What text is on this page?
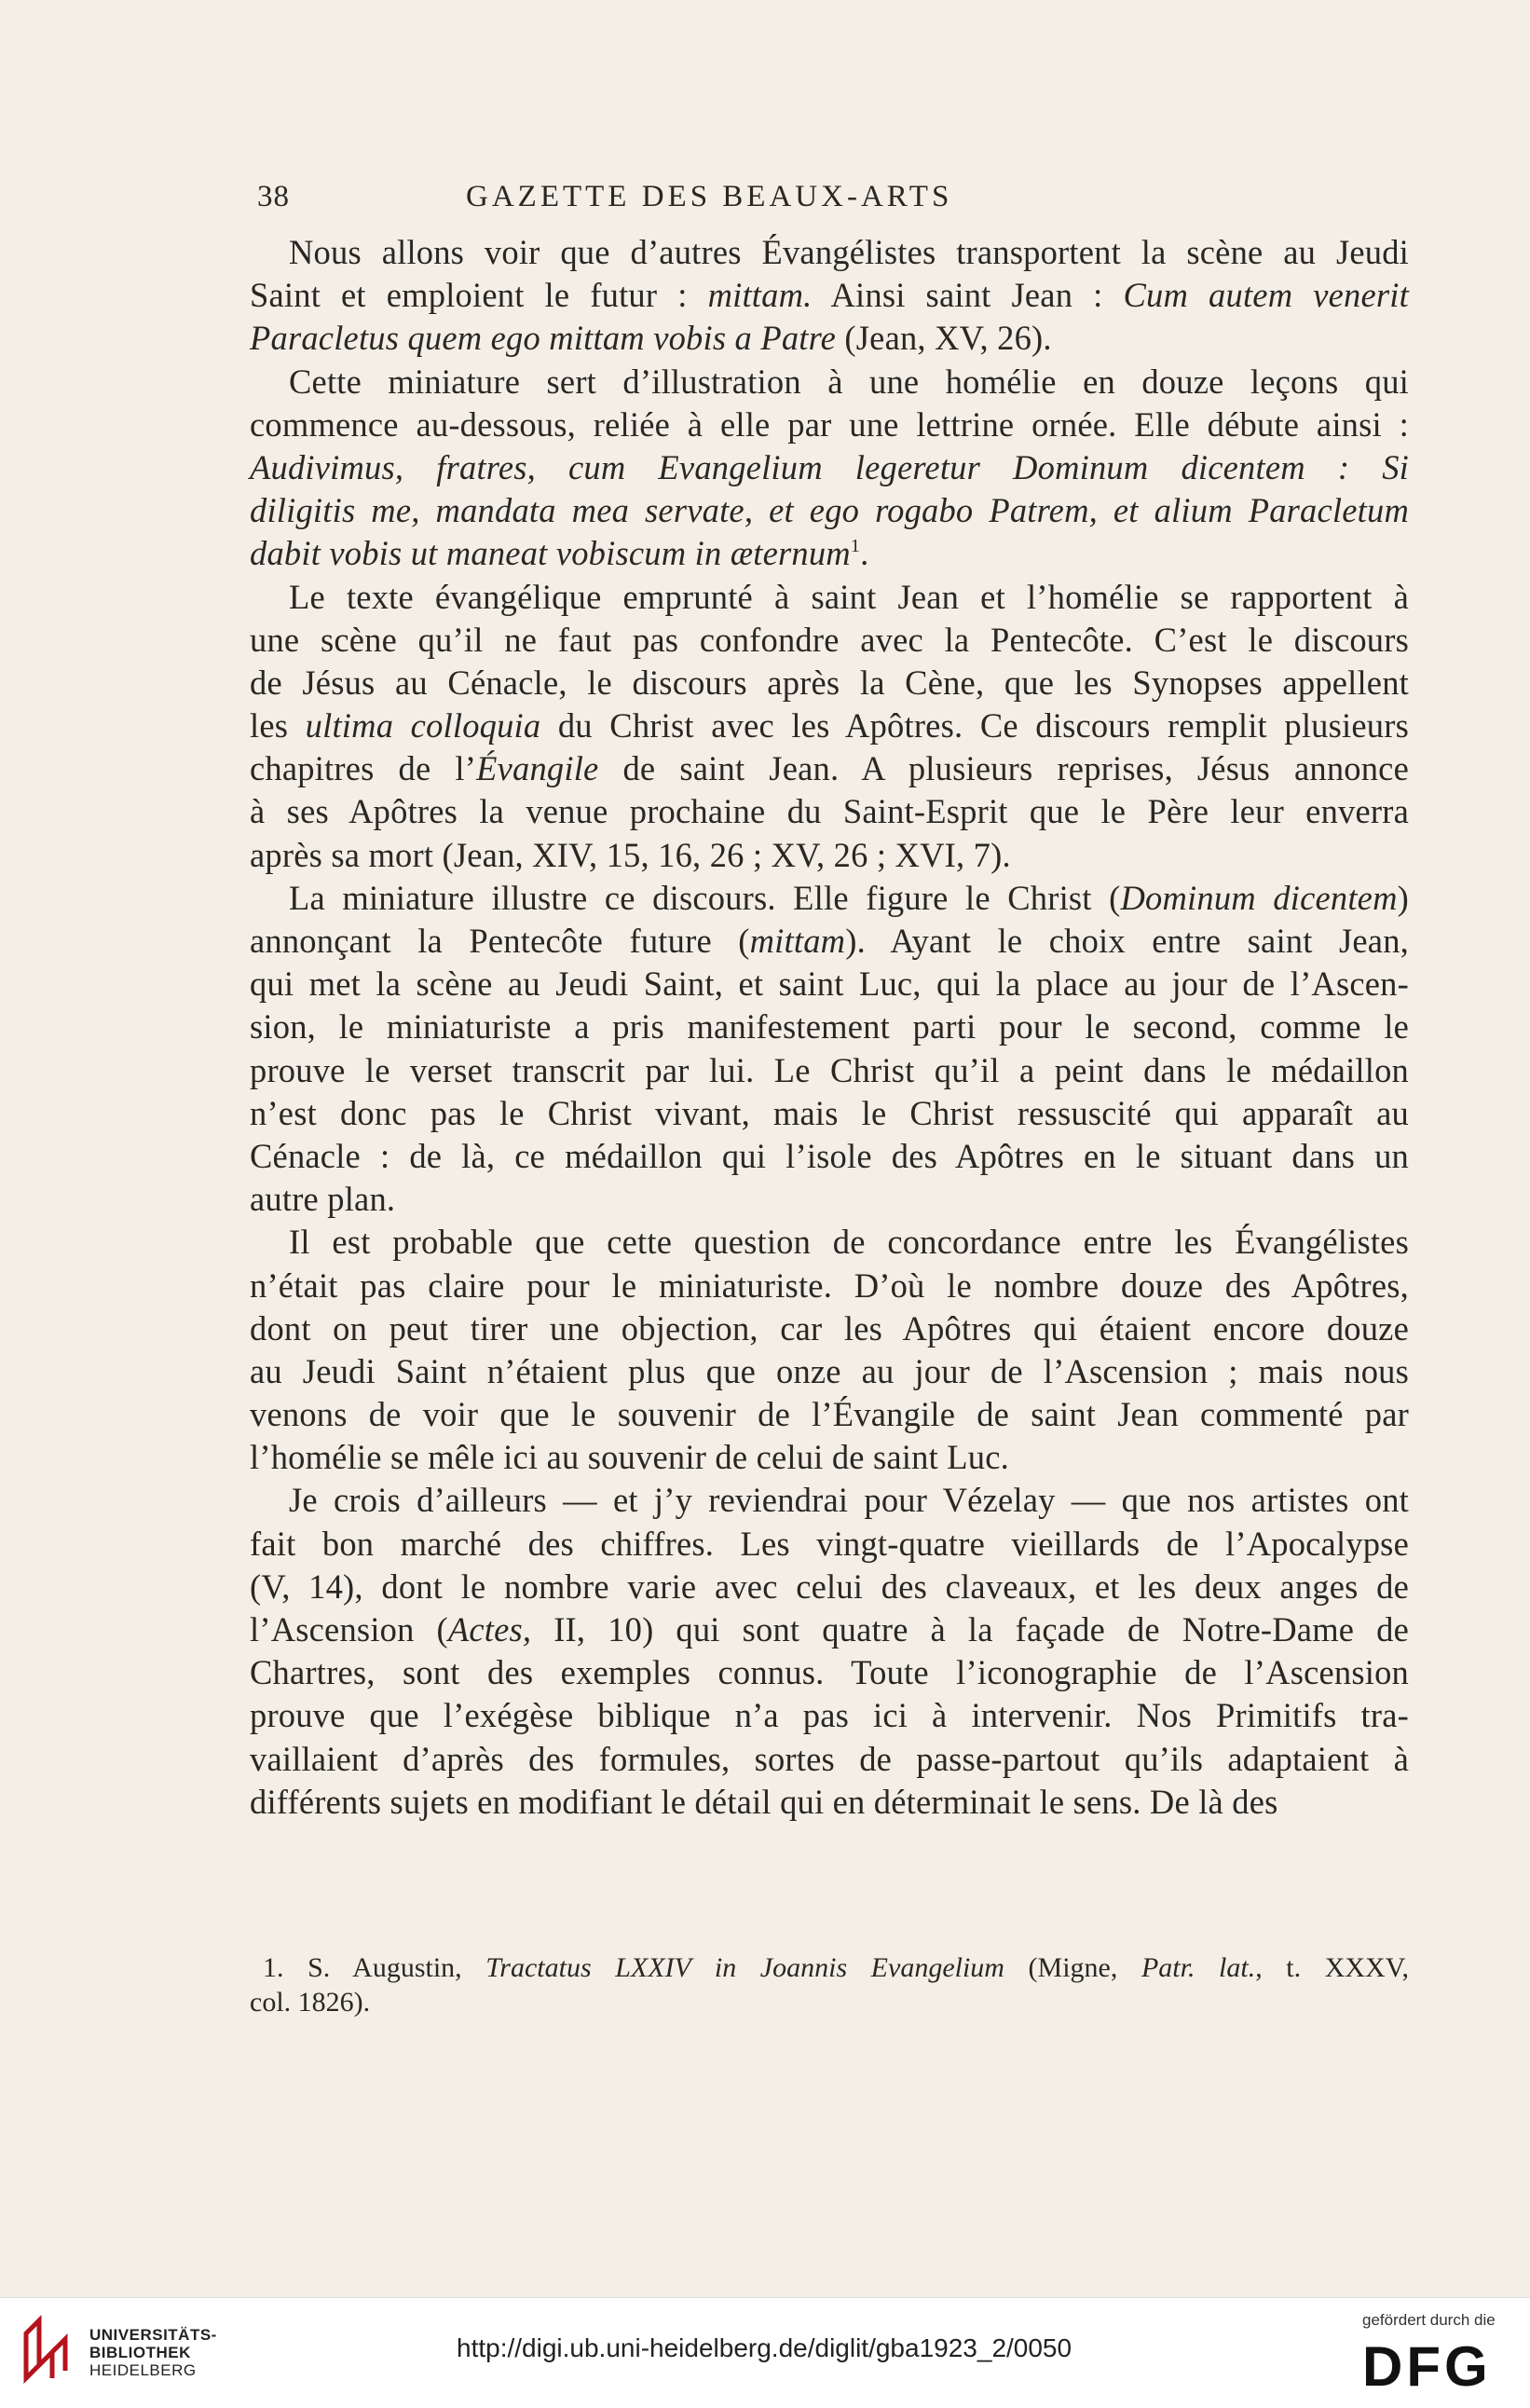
38	GAZETTE DES BEAUX-ARTS
Nous allons voir que d’autres Évangélistes transportent la scène au Jeudi
Saint et emploient le futur : mittam. Ainsi saint Jean : Cum autem venerit
Paracletus quem ego mittam vobis a Patre (Jean, XV, 26).
Cette miniature sert d’illustration à une homélie en douze leçons qui
commence au-dessous, reliée à elle par une lettrine ornée. Elle débute ainsi :
Audivimus, fratres, cum Evangelium legeretur Dominum dicentem : Si
diligitis me, mandata mea servate, et ego rogabo Patrem, et alium Paracletum
dabit vobis ut maneat vobiscum in æternum$^1$.
Le texte évangélique emprunté à saint Jean et l’homélie se rapportent à
une scène qu’il ne faut pas confondre avec la Pentecôte. C’est le discours
de Jésus au Cénacle, le discours après la Cène, que les Synopses appellent
les ultima colloquia du Christ avec les Apôtres. Ce discours remplit plusieurs
chapitres de l’Évangile de saint Jean. A plusieurs reprises, Jésus annonce
à ses Apôtres la venue prochaine du Saint-Esprit que le Père leur enverra
après sa mort (Jean, XIV, 15, 16, 26 ; XV, 26 ; XVI, 7).
La miniature illustre ce discours. Elle figure le Christ (Dominum dicentem)
annonçant la Pentecôte future (mittam). Ayant le choix entre saint Jean,
qui met la scène au Jeudi Saint, et saint Luc, qui la place au jour de l’Ascen-
sion, le miniaturiste a pris manifestement parti pour le second, comme le
prouve le verset transcrit par lui. Le Christ qu’il a peint dans le médaillon
n’est donc pas le Christ vivant, mais le Christ ressuscité qui apparaît au
Cénacle : de là, ce médaillon qui l’isole des Apôtres en le situant dans un
autre plan.
Il est probable que cette question de concordance entre les Évangélistes
n’était pas claire pour le miniaturiste. D’où le nombre douze des Apôtres,
dont on peut tirer une objection, car les Apôtres qui étaient encore douze
au Jeudi Saint n’étaient plus que onze au jour de l’Ascension ; mais nous
venons de voir que le souvenir de l’Évangile de saint Jean commenté par
l’homélie se mêle ici au souvenir de celui de saint Luc.
Je crois d’ailleurs — et j’y reviendrai pour Vézelay — que nos artistes ont
fait bon marché des chiffres. Les vingt-quatre vieillards de l’Apocalypse
(V, 14), dont le nombre varie avec celui des claveaux, et les deux anges de
l’Ascension (Actes, II, 10) qui sont quatre à la façade de Notre-Dame de
Chartres, sont des exemples connus. Toute l’iconographie de l’Ascension
prouve que l’exégèse biblique n’a pas ici à intervenir. Nos Primitifs tra-
vaillaient d’après des formules, sortes de passe-partout qu’ils adaptaient à
différents sujets en modifiant le détail qui en déterminait le sens. De là des
1. S. Augustin, Tractatus LXXIV in Joannis Evangelium (Migne, Patr. lat., t. XXXV,
col. 1826).
UNIVERSITÄTS-
BIBLIOTHEK
HEIDELBERG
http://digi.ub.uni-heidelberg.de/diglit/gba1923_2/0050
gefördert durch die
DFG
